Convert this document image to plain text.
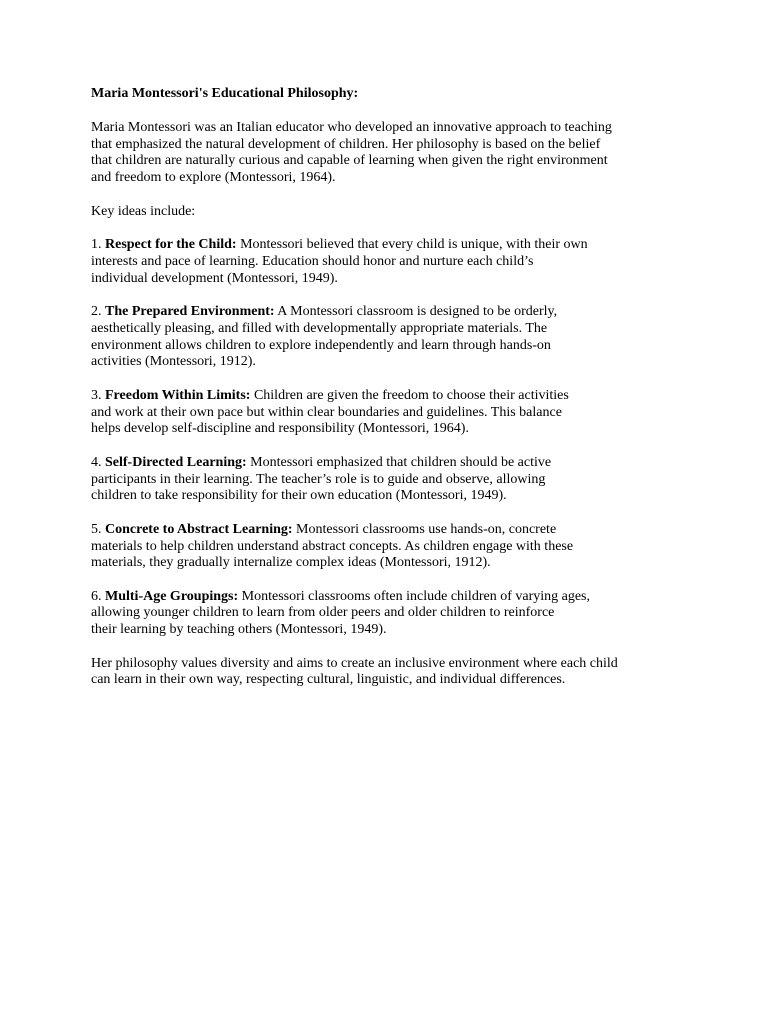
Maria Montessori's Educational Philosophy:
Maria Montessori was an Italian educator who developed an innovative approach to teaching
that emphasized the natural development of children. Her philosophy is based on the belief
that children are naturally curious and capable of learning when given the right environment
and freedom to explore (Montessori, 1964).
Key ideas include:
1. Respect for the Child: Montessori believed that every child is unique, with their own
interests and pace of learning. Education should honor and nurture each child’s
individual development (Montessori, 1949).
2. The Prepared Environment: A Montessori classroom is designed to be orderly,
aesthetically pleasing, and filled with developmentally appropriate materials. The
environment allows children to explore independently and learn through hands-on
activities (Montessori, 1912).
3. Freedom Within Limits: Children are given the freedom to choose their activities
and work at their own pace but within clear boundaries and guidelines. This balance
helps develop self-discipline and responsibility (Montessori, 1964).
4. Self-Directed Learning: Montessori emphasized that children should be active
participants in their learning. The teacher’s role is to guide and observe, allowing
children to take responsibility for their own education (Montessori, 1949).
5. Concrete to Abstract Learning: Montessori classrooms use hands-on, concrete
materials to help children understand abstract concepts. As children engage with these
materials, they gradually internalize complex ideas (Montessori, 1912).
6. Multi-Age Groupings: Montessori classrooms often include children of varying ages,
allowing younger children to learn from older peers and older children to reinforce
their learning by teaching others (Montessori, 1949).
Her philosophy values diversity and aims to create an inclusive environment where each child
can learn in their own way, respecting cultural, linguistic, and individual differences.
